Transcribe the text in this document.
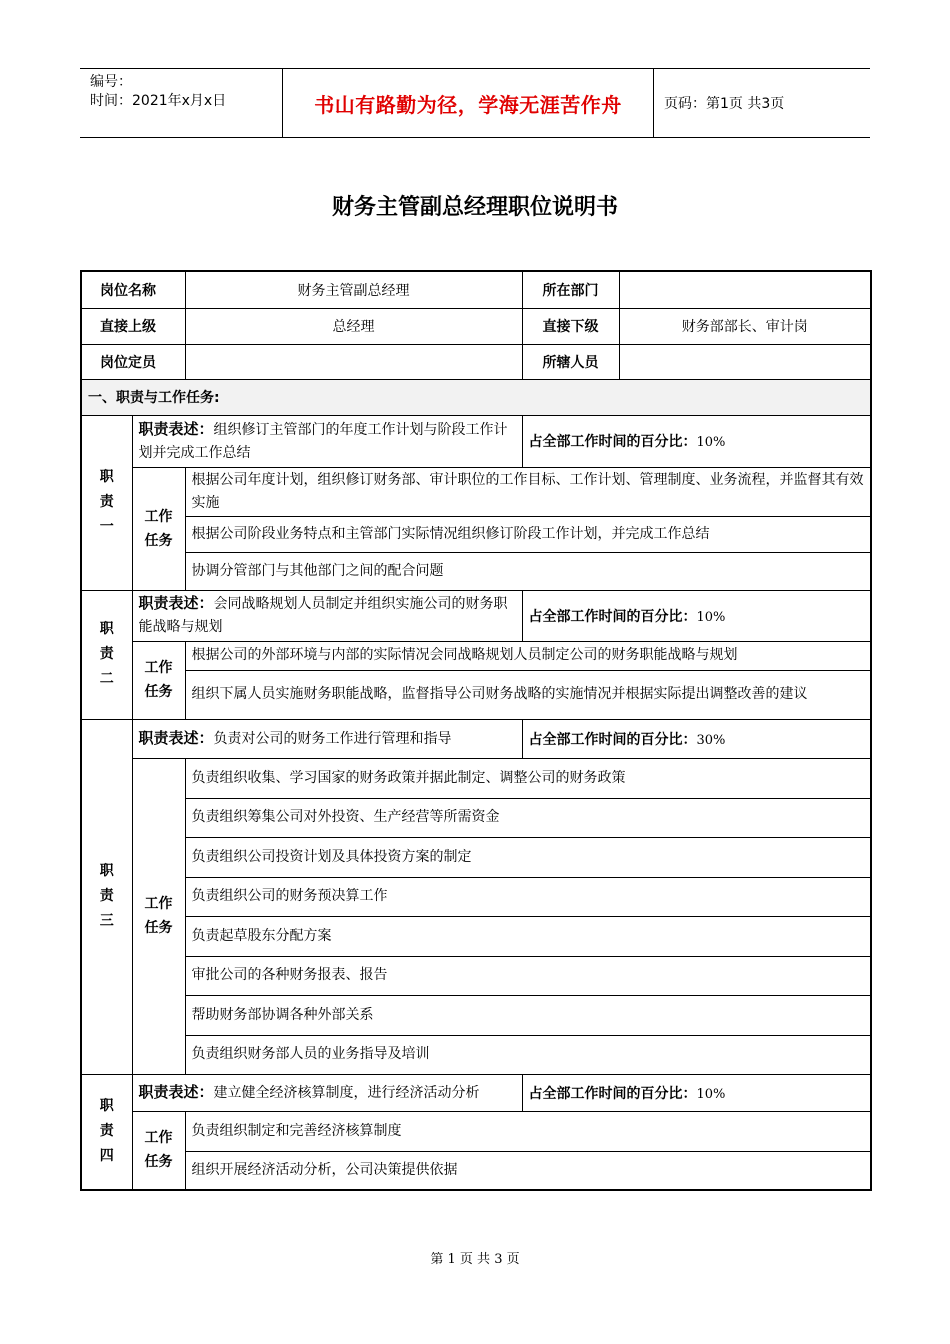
编号：
时间：2021年x月x日	书山有路勤为径，学海无涯苦作舟	页码：第1页 共3页
财务主管副总经理职位说明书
岗位名称		财务主管副总经理	所在部门	
直接上级		总经理	直接下级	财务部部长、审计岗
岗位定员			所辖人员	
一、职责与工作任务:				

职
责
一	职责表述：组织修订主管部门的年度工作计划与阶段工作计划并完成工作总结		占全部工作时间的百分比：10%	

	工作
任务	根据公司年度计划，组织修订财务部、审计职位的工作目标、工作计划、管理制度、业务流程，并监督其有效实施		
		根据公司阶段业务特点和主管部门实际情况组织修订阶段工作计划，并完成工作总结		
		协调分管部门与其他部门之间的配合问题		

职
责
二	职责表述：会同战略规划人员制定并组织实施公司的财务职能战略与规划		占全部工作时间的百分比：10%	

	工作
任务	根据公司的外部环境与内部的实际情况会同战略规划人员制定公司的财务职能战略与规划		
		组织下属人员实施财务职能战略，监督指导公司财务战略的实施情况并根据实际提出调整改善的建议		

职
责
三	职责表述：负责对公司的财务工作进行管理和指导		占全部工作时间的百分比：30%	

	工作
任务	负责组织收集、学习国家的财务政策并据此制定、调整公司的财务政策		
		负责组织筹集公司对外投资、生产经营等所需资金		
		负责组织公司投资计划及具体投资方案的制定		
		负责组织公司的财务预决算工作		
		负责起草股东分配方案		
		审批公司的各种财务报表、报告		
		帮助财务部协调各种外部关系		
		负责组织财务部人员的业务指导及培训		

职
责
四	职责表述：建立健全经济核算制度，进行经济活动分析		占全部工作时间的百分比：10%	

	工作
任务	负责组织制定和完善经济核算制度		
		组织开展经济活动分析，公司决策提供依据		
第 1 页 共 3 页
